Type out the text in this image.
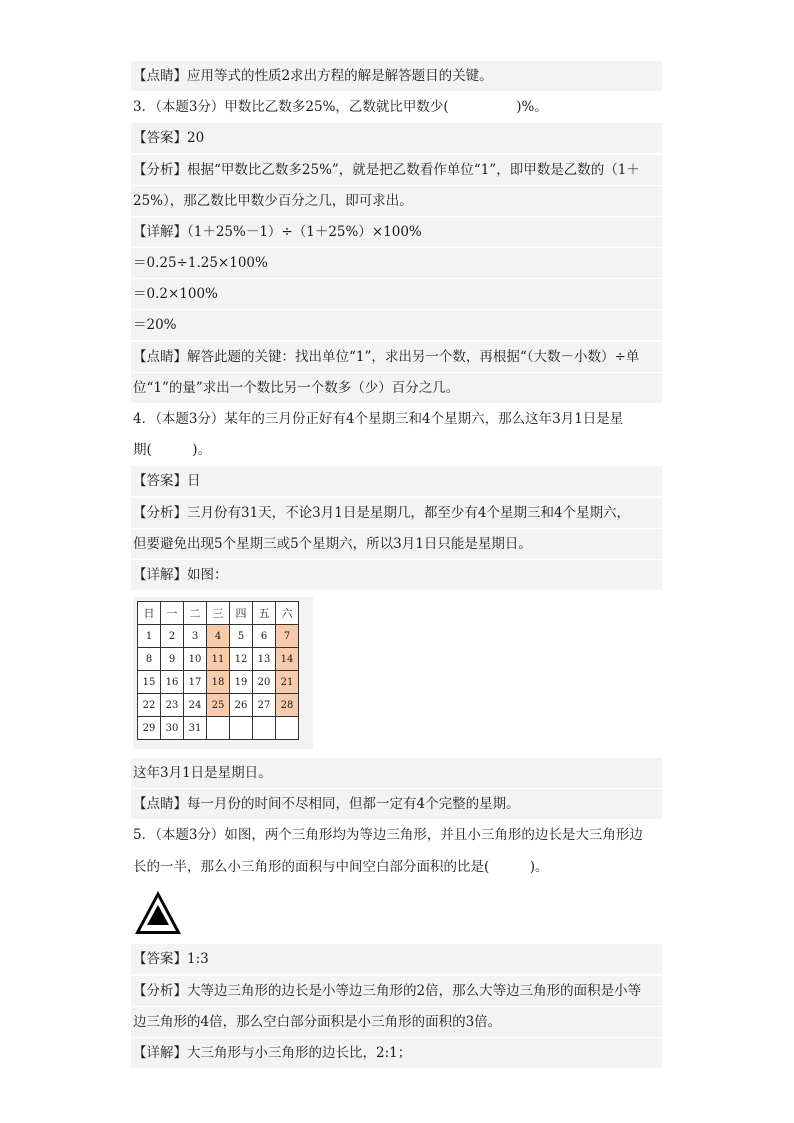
【点睛】应用等式的性质2求出方程的解是解答题目的关键。
3．（本题3分）甲数比乙数多25%，乙数就比甲数少(　　　　　)%。
【答案】20
【分析】根据“甲数比乙数多25%”，就是把乙数看作单位“1”，即甲数是乙数的（1＋
25%），那乙数比甲数少百分之几，即可求出。
【详解】（1＋25%－1）÷（1＋25%）×100%
＝0.25÷1.25×100%
＝0.2×100%
＝20%
【点睛】解答此题的关键：找出单位“1”，求出另一个数，再根据“（大数－小数）÷单
位“1”的量”求出一个数比另一个数多（少）百分之几。
4．（本题3分）某年的三月份正好有4个星期三和4个星期六，那么这年3月1日是星
期(　　　)。
【答案】日
【分析】三月份有31天，不论3月1日是星期几，都至少有4个星期三和4个星期六，
但要避免出现5个星期三或5个星期六，所以3月1日只能是星期日。
【详解】如图：
日	一	二	三	四	五	六
1	2	3	4	5	6	7
8	9	10	11	12	13	14
15	16	17	18	19	20	21
22	23	24	25	26	27	28
29	30	31				
这年3月1日是星期日。
【点睛】每一月份的时间不尽相同，但都一定有4个完整的星期。
5．（本题3分）如图，两个三角形均为等边三角形，并且小三角形的边长是大三角形边
长的一半，那么小三角形的面积与中间空白部分面积的比是(　　　)。
【答案】1:3
【分析】大等边三角形的边长是小等边三角形的2倍，那么大等边三角形的面积是小等
边三角形的4倍，那么空白部分面积是小三角形的面积的3倍。
【详解】大三角形与小三角形的边长比，2:1；
